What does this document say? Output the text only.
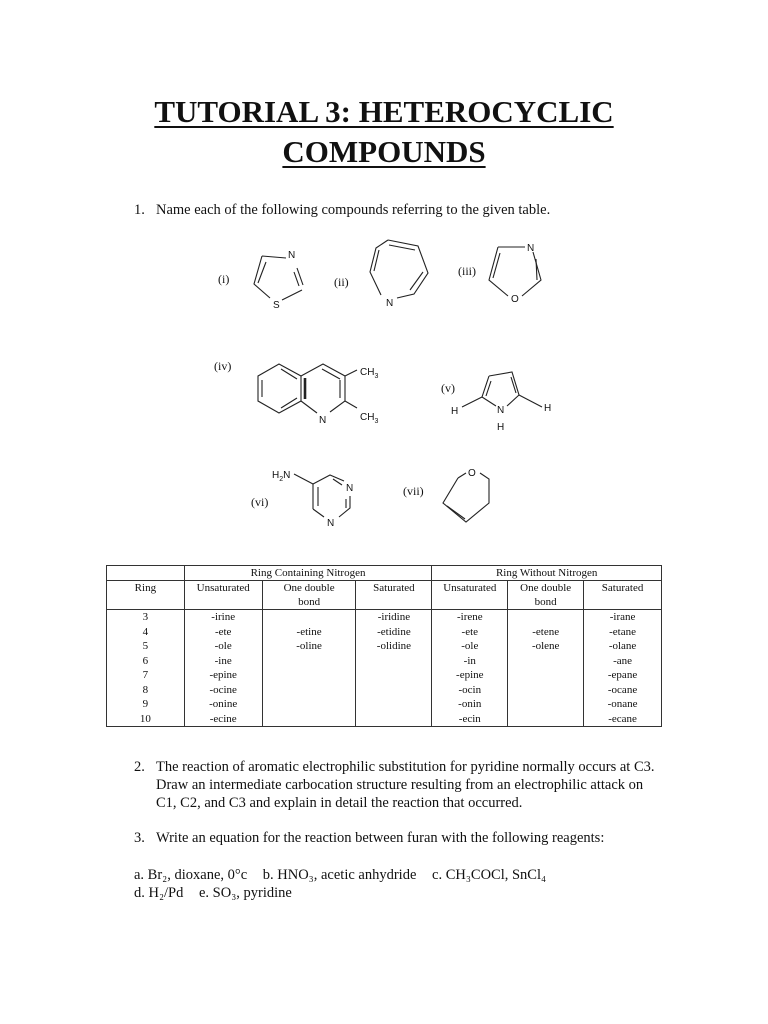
TUTORIAL 3: HETEROCYCLIC
COMPOUNDS
1. Name each of the following compounds referring to the given table.
N
S	N
N
O
N
$CH_3$
$CH_3$
N
H
H	H
$H_2N$
N
N
O
(i)	(ii)
(iii)
(iv)
(v)
(vi)
(vii)
	Ring Containing Nitrogen			Ring Without Nitrogen		
Ring	Unsaturated	One double bond	Saturated	Unsaturated	One double bond	Saturated
3	-irine		-iridine	-irene		-irane
4	-ete	-etine	-etidine	-ete	-etene	-etane
5	-ole	-oline	-olidine	-ole	-olene	-olane
6	-ine			-in		-ane
7	-epine			-epine		-epane
8	-ocine			-ocin		-ocane
9	-onine			-onin		-onane
10	-ecine			-ecin		-ecane
2. The reaction of aromatic electrophilic substitution for pyridine normally occurs at C3. Draw an intermediate carbocation structure resulting from an electrophilic attack on C1, C2, and C3 and explain in detail the reaction that occurred.
3. Write an equation for the reaction between furan with the following reagents:
a. Br₂, dioxane, 0°c b. HNO₃, acetic anhydride c. CH₃COCl, SnCl₄
d. H₂/Pd e. SO₃, pyridine
